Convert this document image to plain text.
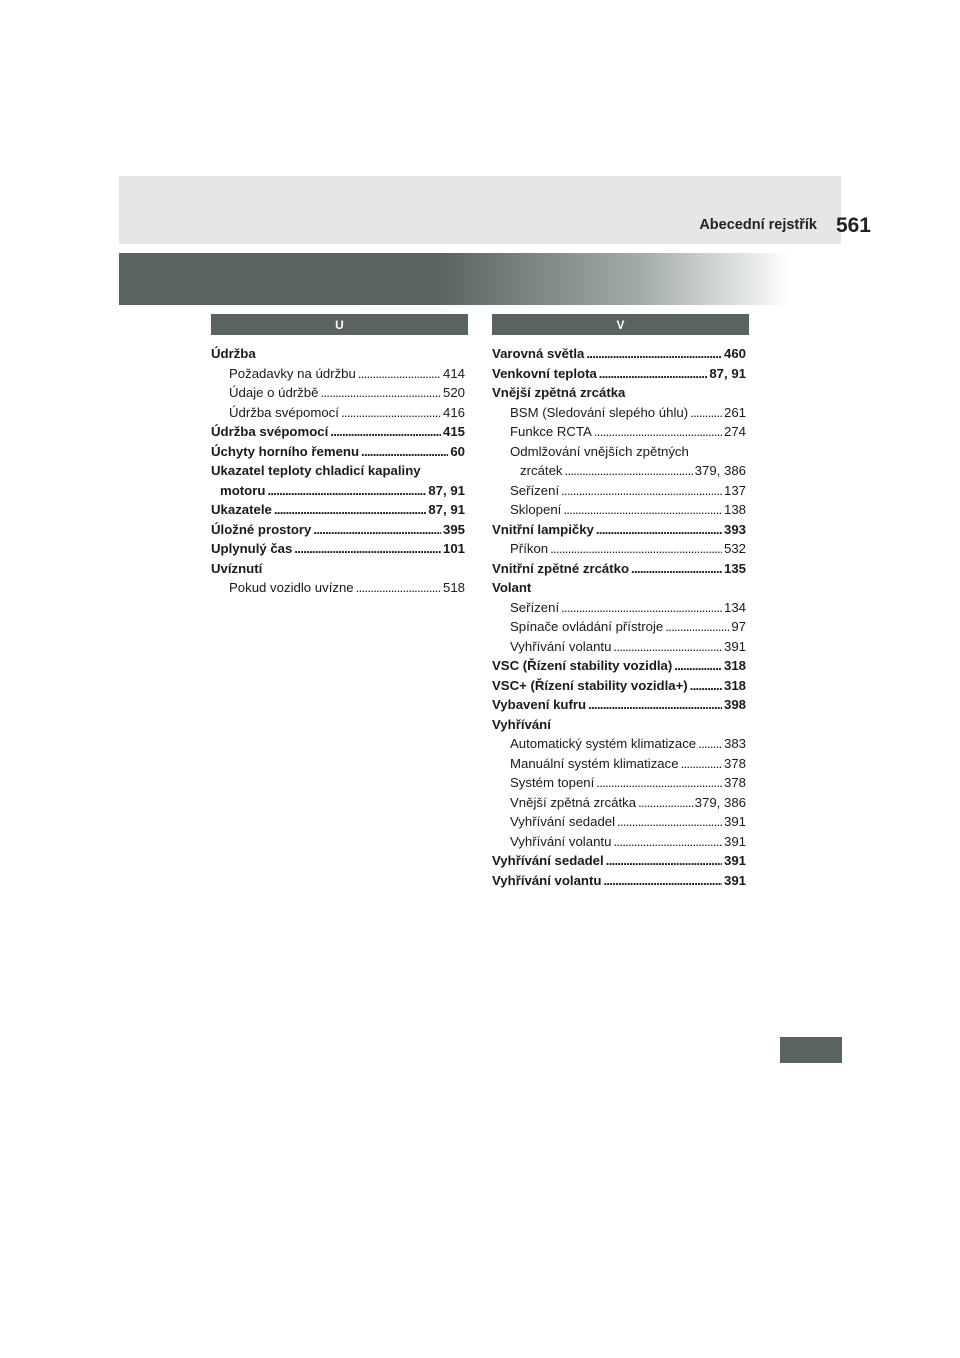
Abecední rejstřík 561
U	V
Údržba
Požadavky na údržbu . . .	414
Údaje o údržbě . . .	520
Údržba svépomocí . . .	416
Údržba svépomocí . . .	415
Úchyty horního řemenu . . .	60
Ukazatel teploty chladicí kapaliny
motoru . . .	87, 91
Ukazatele . . .	87, 91
Úložné prostory . . .	395
Uplynulý čas . . .	101
Uvíznutí
Pokud vozidlo uvízne . . .	518
Varovná světla . . .	460
Venkovní teplota . . .	87, 91
Vnější zpětná zrcátka
BSM (Sledování slepého úhlu) . . .	261
Funkce RCTA . . .	274
Odmlžování vnějších zpětných
zrcátek . . .	379, 386
Seřízení . . .	137
Sklopení . . .	138
Vnitřní lampičky . . .	393
Příkon . . .	532
Vnitřní zpětné zrcátko . . .	135
Volant
Seřízení . . .	134
Spínače ovládání přístroje . . .	97
Vyhřívání volantu . . .	391
VSC (Řízení stability vozidla) . . .	318
VSC+ (Řízení stability vozidla+) . . .	318
Vybavení kufru . . .	398
Vyhřívání
Automatický systém klimatizace . . . 383
Manuální systém klimatizace . . .	378
Systém topení . . .	378
Vnější zpětná zrcátka . . .	379, 386
Vyhřívání sedadel . . .	391
Vyhřívání volantu . . .	391
Vyhřívání sedadel . . .	391
Vyhřívání volantu . . .	391
